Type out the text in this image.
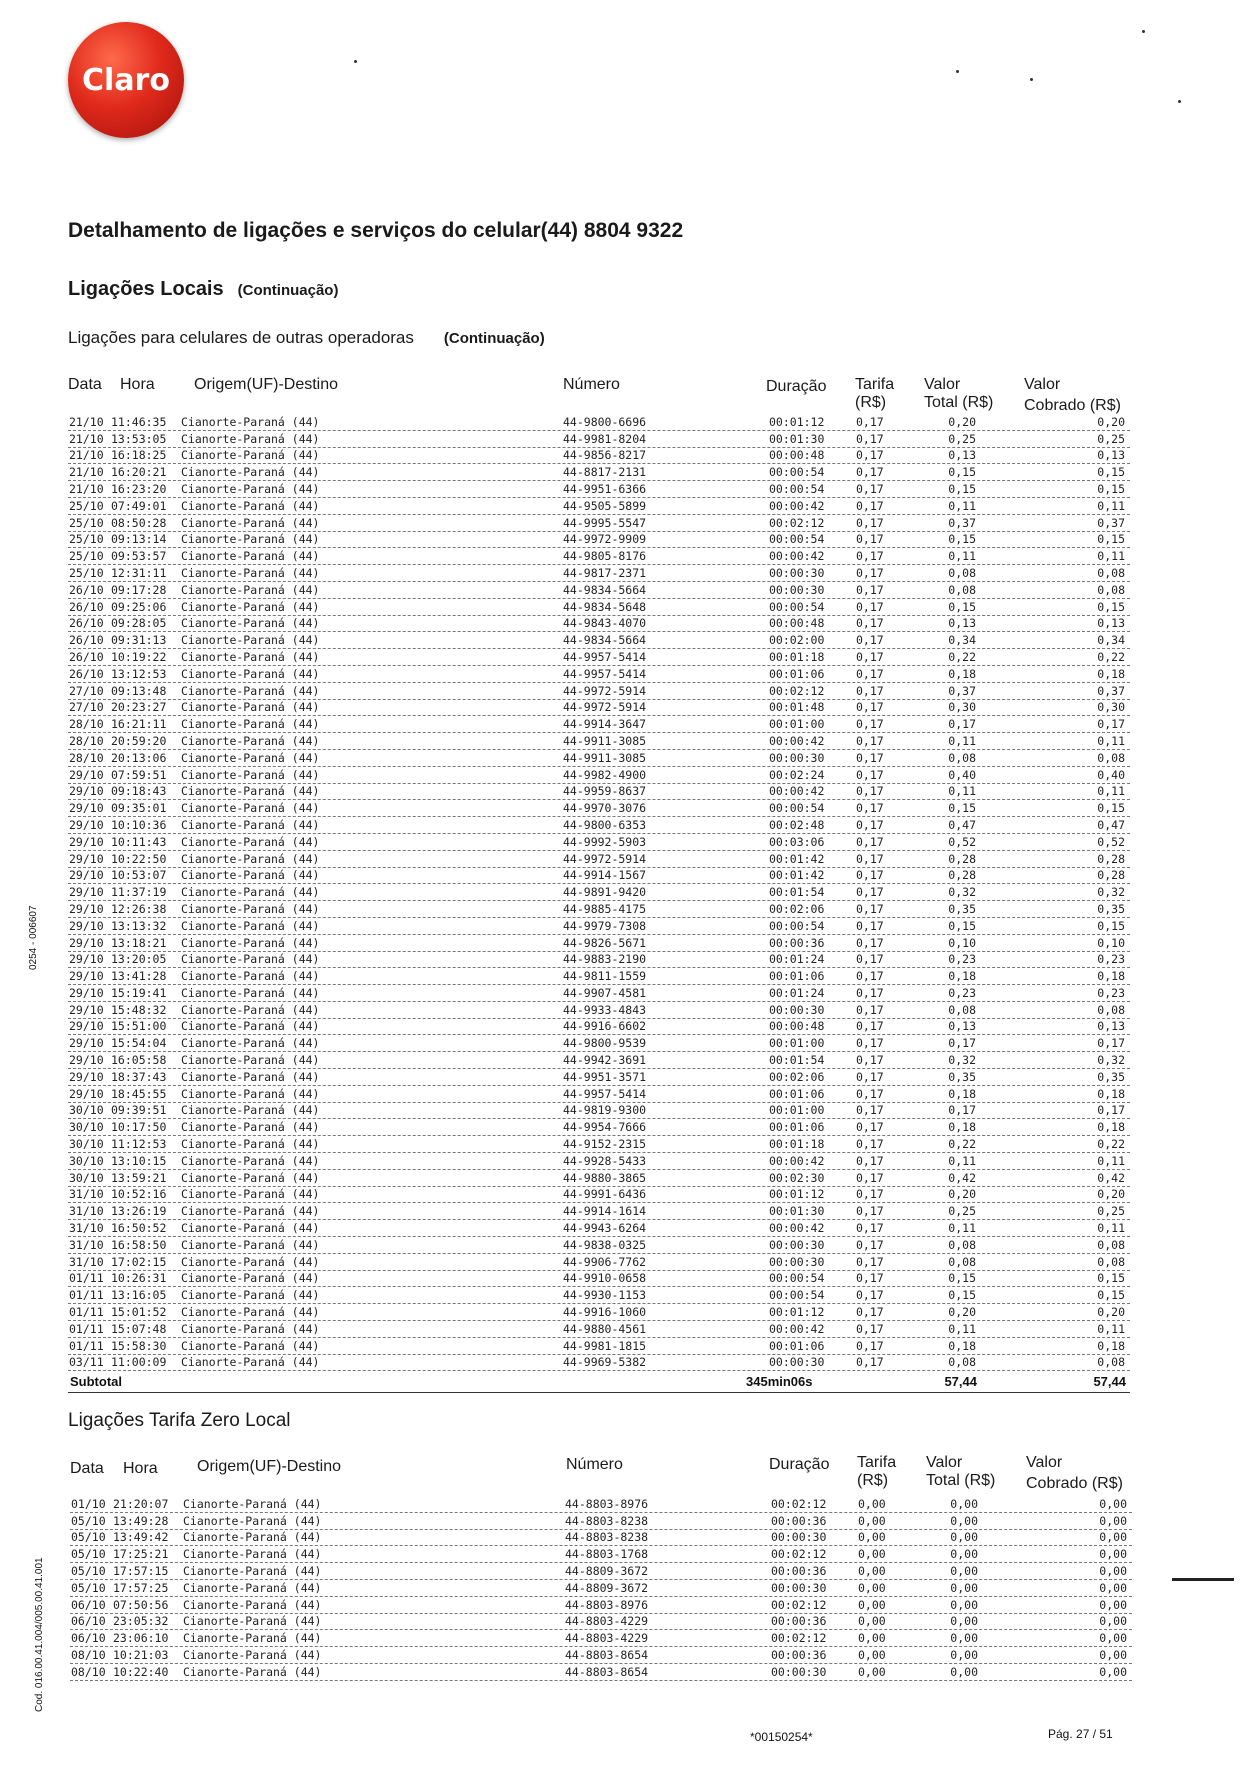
Claro
Detalhamento de ligações e serviços do celular(44) 8804 9322
Ligações Locais (Continuação)
Ligações para celulares de outras operadoras (Continuação)
Data Hora Origem(UF)-Destino	Número	Duração Tarifa
(R$)
Valor
Total (R$)
Valor
Cobrado (R$)
21/10 11:46:35 Cianorte-Paraná (44)	44-9800-6696	00:01:12	0,17	0,20	0,20
21/10 13:53:05 Cianorte-Paraná (44)	44-9981-8204	00:01:30	0,17	0,25	0,25
21/10 16:18:25 Cianorte-Paraná (44)	44-9856-8217	00:00:48	0,17	0,13	0,13
21/10 16:20:21 Cianorte-Paraná (44)	44-8817-2131	00:00:54	0,17	0,15	0,15
21/10 16:23:20 Cianorte-Paraná (44)	44-9951-6366	00:00:54	0,17	0,15	0,15
25/10 07:49:01 Cianorte-Paraná (44)	44-9505-5899	00:00:42	0,17	0,11	0,11
25/10 08:50:28 Cianorte-Paraná (44)	44-9995-5547	00:02:12	0,17	0,37	0,37
25/10 09:13:14 Cianorte-Paraná (44)	44-9972-9909	00:00:54	0,17	0,15	0,15
25/10 09:53:57 Cianorte-Paraná (44)	44-9805-8176	00:00:42	0,17	0,11	0,11
25/10 12:31:11 Cianorte-Paraná (44)	44-9817-2371	00:00:30	0,17	0,08	0,08
26/10 09:17:28 Cianorte-Paraná (44)	44-9834-5664	00:00:30	0,17	0,08	0,08
26/10 09:25:06 Cianorte-Paraná (44)	44-9834-5648	00:00:54	0,17	0,15	0,15
26/10 09:28:05 Cianorte-Paraná (44)	44-9843-4070	00:00:48	0,17	0,13	0,13
26/10 09:31:13 Cianorte-Paraná (44)	44-9834-5664	00:02:00	0,17	0,34	0,34
26/10 10:19:22 Cianorte-Paraná (44)	44-9957-5414	00:01:18	0,17	0,22	0,22
26/10 13:12:53 Cianorte-Paraná (44)	44-9957-5414	00:01:06	0,17	0,18	0,18
27/10 09:13:48 Cianorte-Paraná (44)	44-9972-5914	00:02:12	0,17	0,37	0,37
27/10 20:23:27 Cianorte-Paraná (44)	44-9972-5914	00:01:48	0,17	0,30	0,30
28/10 16:21:11 Cianorte-Paraná (44)	44-9914-3647	00:01:00	0,17	0,17	0,17
28/10 20:59:20 Cianorte-Paraná (44)	44-9911-3085	00:00:42	0,17	0,11	0,11
28/10 20:13:06 Cianorte-Paraná (44)	44-9911-3085	00:00:30	0,17	0,08	0,08
29/10 07:59:51 Cianorte-Paraná (44)	44-9982-4900	00:02:24	0,17	0,40	0,40
29/10 09:18:43 Cianorte-Paraná (44)	44-9959-8637	00:00:42	0,17	0,11	0,11
29/10 09:35:01 Cianorte-Paraná (44)	44-9970-3076	00:00:54	0,17	0,15	0,15
29/10 10:10:36 Cianorte-Paraná (44)	44-9800-6353	00:02:48	0,17	0,47	0,47
29/10 10:11:43 Cianorte-Paraná (44)	44-9992-5903	00:03:06	0,17	0,52	0,52
29/10 10:22:50 Cianorte-Paraná (44)	44-9972-5914	00:01:42	0,17	0,28	0,28
29/10 10:53:07 Cianorte-Paraná (44)	44-9914-1567	00:01:42	0,17	0,28	0,28
29/10 11:37:19 Cianorte-Paraná (44)	44-9891-9420	00:01:54	0,17	0,32	0,32
29/10 12:26:38 Cianorte-Paraná (44)	44-9885-4175	00:02:06	0,17	0,35	0,35
29/10 13:13:32 Cianorte-Paraná (44)	44-9979-7308	00:00:54	0,17	0,15	0,15
29/10 13:18:21 Cianorte-Paraná (44)	44-9826-5671	00:00:36	0,17	0,10	0,10
29/10 13:20:05 Cianorte-Paraná (44)	44-9883-2190	00:01:24	0,17	0,23	0,23
29/10 13:41:28 Cianorte-Paraná (44)	44-9811-1559	00:01:06	0,17	0,18	0,18
29/10 15:19:41 Cianorte-Paraná (44)	44-9907-4581	00:01:24	0,17	0,23	0,23
29/10 15:48:32 Cianorte-Paraná (44)	44-9933-4843	00:00:30	0,17	0,08	0,08
29/10 15:51:00 Cianorte-Paraná (44)	44-9916-6602	00:00:48	0,17	0,13	0,13
29/10 15:54:04 Cianorte-Paraná (44)	44-9800-9539	00:01:00	0,17	0,17	0,17
29/10 16:05:58 Cianorte-Paraná (44)	44-9942-3691	00:01:54	0,17	0,32	0,32
29/10 18:37:43 Cianorte-Paraná (44)	44-9951-3571	00:02:06	0,17	0,35	0,35
29/10 18:45:55 Cianorte-Paraná (44)	44-9957-5414	00:01:06	0,17	0,18	0,18
30/10 09:39:51 Cianorte-Paraná (44)	44-9819-9300	00:01:00	0,17	0,17	0,17
30/10 10:17:50 Cianorte-Paraná (44)	44-9954-7666	00:01:06	0,17	0,18	0,18
30/10 11:12:53 Cianorte-Paraná (44)	44-9152-2315	00:01:18	0,17	0,22	0,22
30/10 13:10:15 Cianorte-Paraná (44)	44-9928-5433	00:00:42	0,17	0,11	0,11
30/10 13:59:21 Cianorte-Paraná (44)	44-9880-3865	00:02:30	0,17	0,42	0,42
31/10 10:52:16 Cianorte-Paraná (44)	44-9991-6436	00:01:12	0,17	0,20	0,20
31/10 13:26:19 Cianorte-Paraná (44)	44-9914-1614	00:01:30	0,17	0,25	0,25
31/10 16:50:52 Cianorte-Paraná (44)	44-9943-6264	00:00:42	0,17	0,11	0,11
31/10 16:58:50 Cianorte-Paraná (44)	44-9838-0325	00:00:30	0,17	0,08	0,08
31/10 17:02:15 Cianorte-Paraná (44)	44-9906-7762	00:00:30	0,17	0,08	0,08
01/11 10:26:31 Cianorte-Paraná (44)	44-9910-0658	00:00:54	0,17	0,15	0,15
01/11 13:16:05 Cianorte-Paraná (44)	44-9930-1153	00:00:54	0,17	0,15	0,15
01/11 15:01:52 Cianorte-Paraná (44)	44-9916-1060	00:01:12	0,17	0,20	0,20
01/11 15:07:48 Cianorte-Paraná (44)	44-9880-4561	00:00:42	0,17	0,11	0,11
01/11 15:58:30 Cianorte-Paraná (44)	44-9981-1815	00:01:06	0,17	0,18	0,18
03/11 11:00:09 Cianorte-Paraná (44)	44-9969-5382	00:00:30	0,17	0,08	0,08
Subtotal	345min06s	57,44	57,44
Ligações Tarifa Zero Local
Data Hora Origem(UF)-Destino	Número	Duração Tarifa
(R$)
Valor
Total (R$)
Valor
Cobrado (R$)
01/10 21:20:07 Cianorte-Paraná (44)	44-8803-8976	00:02:12	0,00	0,00	0,00
05/10 13:49:28 Cianorte-Paraná (44)	44-8803-8238	00:00:36	0,00	0,00	0,00
05/10 13:49:42 Cianorte-Paraná (44)	44-8803-8238	00:00:30	0,00	0,00	0,00
05/10 17:25:21 Cianorte-Paraná (44)	44-8803-1768	00:02:12	0,00	0,00	0,00
05/10 17:57:15 Cianorte-Paraná (44)	44-8809-3672	00:00:36	0,00	0,00	0,00
05/10 17:57:25 Cianorte-Paraná (44)	44-8809-3672	00:00:30	0,00	0,00	0,00
06/10 07:50:56 Cianorte-Paraná (44)	44-8803-8976	00:02:12	0,00	0,00	0,00
06/10 23:05:32 Cianorte-Paraná (44)	44-8803-4229	00:00:36	0,00	0,00	0,00
06/10 23:06:10 Cianorte-Paraná (44)	44-8803-4229	00:02:12	0,00	0,00	0,00
08/10 10:21:03 Cianorte-Paraná (44)	44-8803-8654	00:00:36	0,00	0,00	0,00
08/10 10:22:40 Cianorte-Paraná (44)	44-8803-8654	00:00:30	0,00	0,00	0,00
0254 - 006607
Cod. 016.00.41.004/005.00.41.001
*00150254*	Pág. 27 / 51
